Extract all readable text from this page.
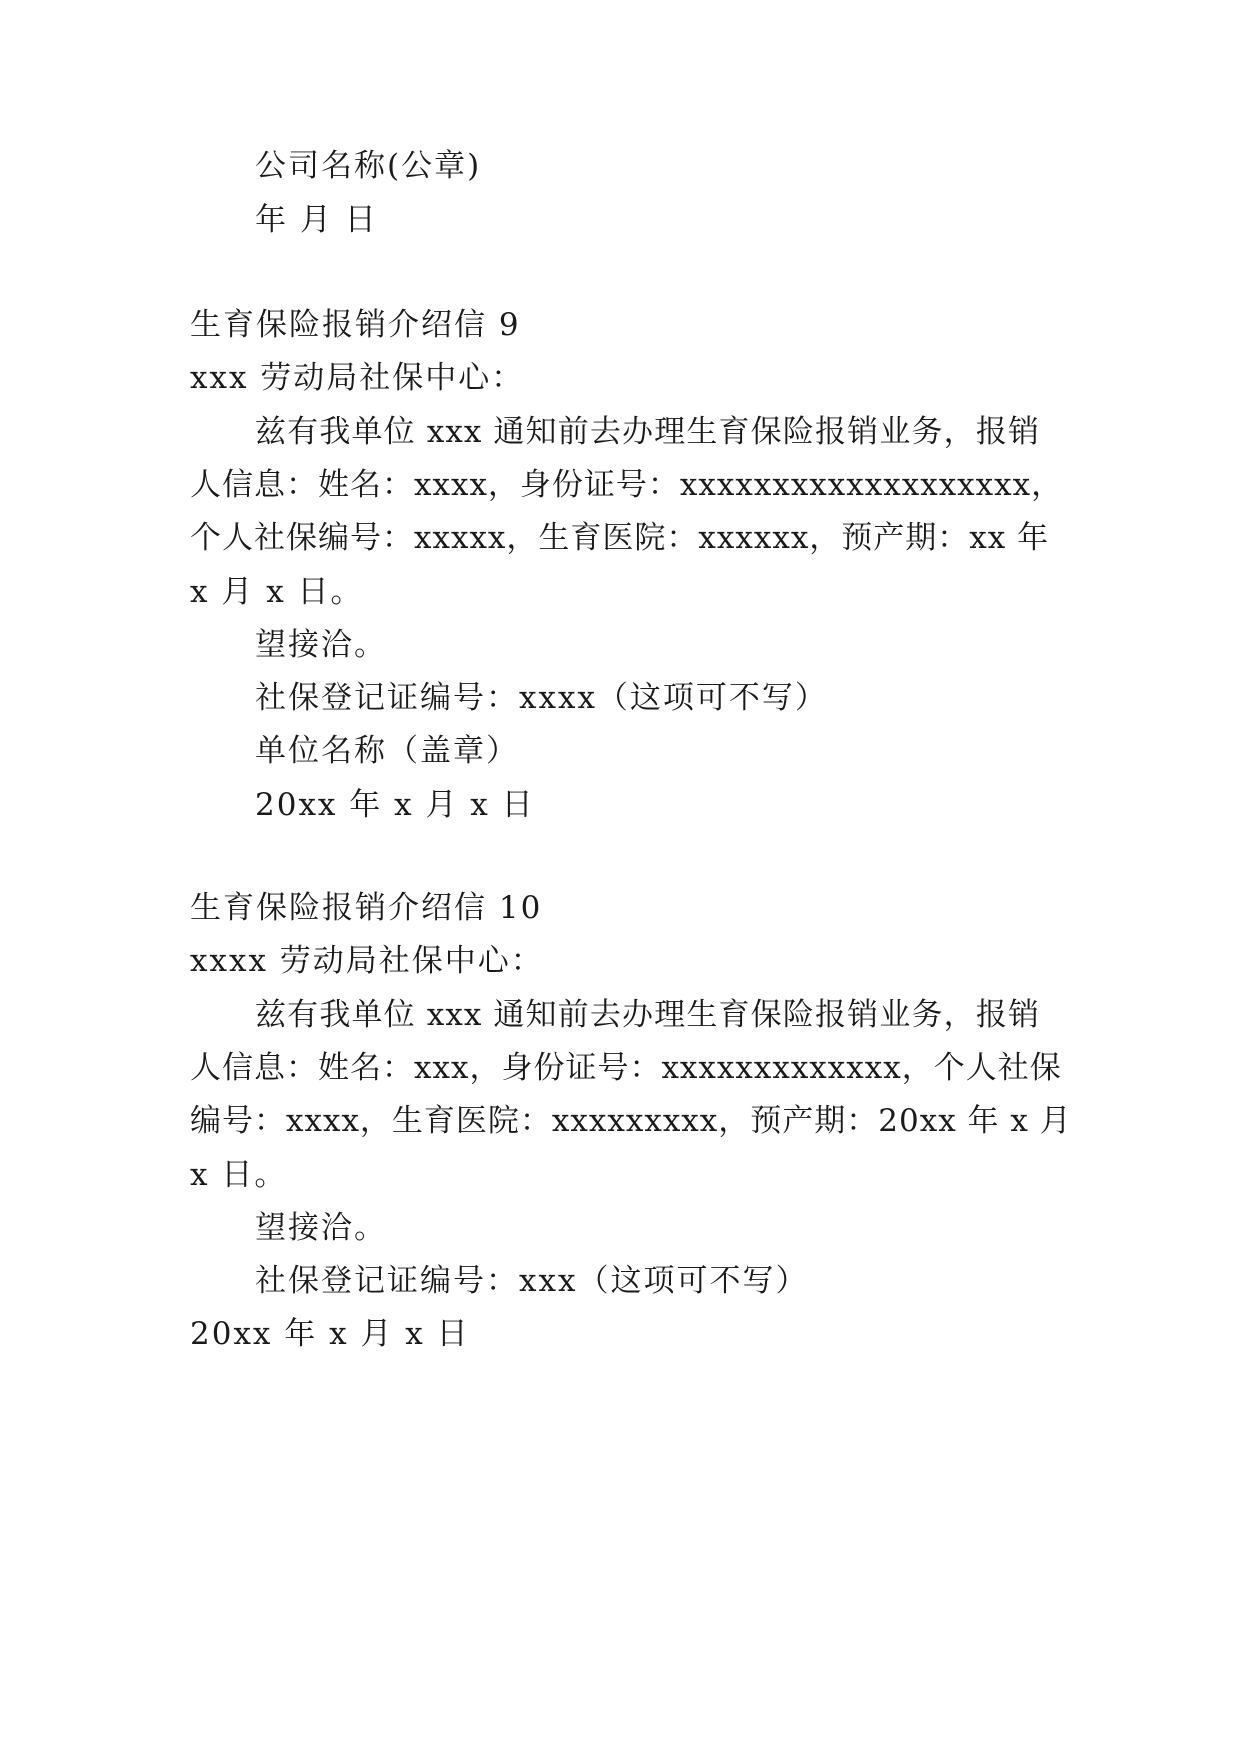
公司名称(公章)
年 月 日
生育保险报销介绍信 9
xxx 劳动局社保中心：
兹有我单位 xxx 通知前去办理生育保险报销业务，报销
人信息：姓名：xxxx，身份证号：xxxxxxxxxxxxxxxxxxx，
个人社保编号：xxxxx，生育医院：xxxxxx，预产期：xx 年
x 月 x 日。
望接洽。
社保登记证编号：xxxx（这项可不写）
单位名称（盖章）
20xx 年 x 月 x 日
生育保险报销介绍信 10
xxxx 劳动局社保中心：
兹有我单位 xxx 通知前去办理生育保险报销业务，报销
人信息：姓名：xxx，身份证号：xxxxxxxxxxxxx，个人社保
编号：xxxx，生育医院：xxxxxxxxx，预产期：20xx 年 x 月
x 日。
望接洽。
社保登记证编号：xxx（这项可不写）
20xx 年 x 月 x 日
